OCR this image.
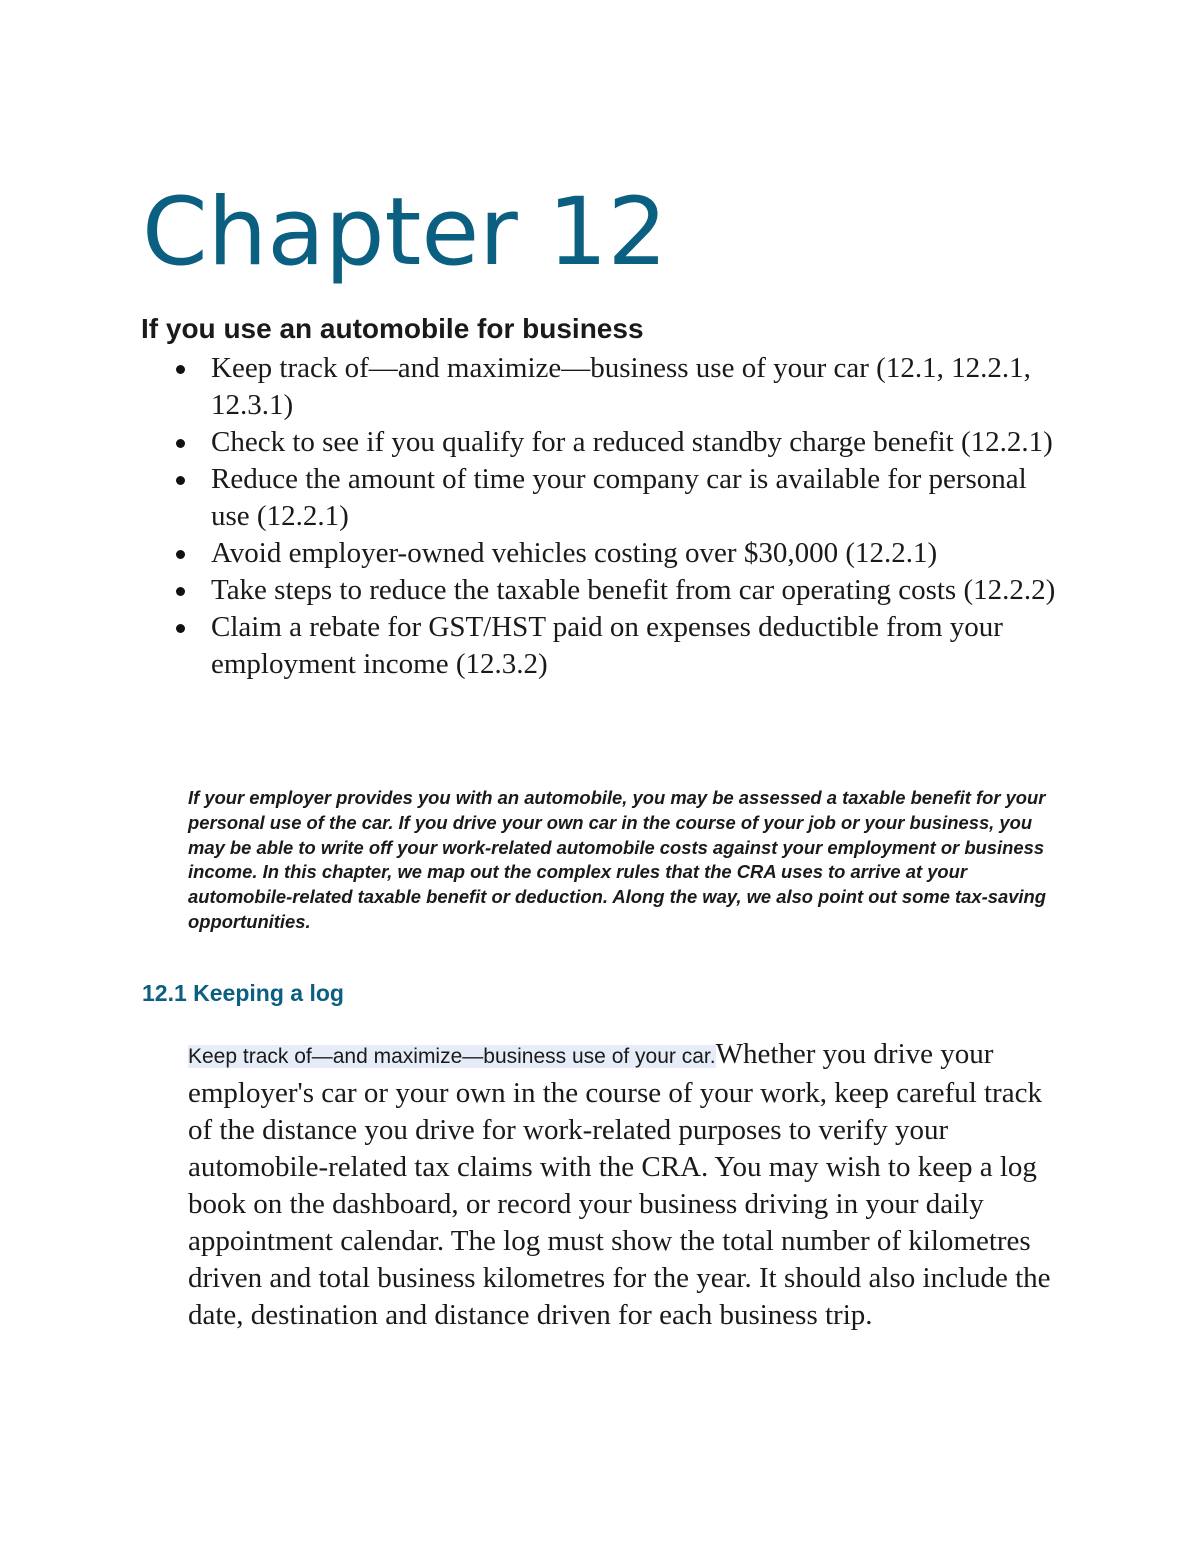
Chapter 12
If you use an automobile for business
Keep track of—and maximize—business use of your car (12.1, 12.2.1, 12.3.1)
Check to see if you qualify for a reduced standby charge benefit (12.2.1)
Reduce the amount of time your company car is available for personal use (12.2.1)
Avoid employer-owned vehicles costing over $30,000 (12.2.1)
Take steps to reduce the taxable benefit from car operating costs (12.2.2)
Claim a rebate for GST/HST paid on expenses deductible from your employment income (12.3.2)

If your employer provides you with an automobile, you may be assessed a taxable benefit for your personal use of the car. If you drive your own car in the course of your job or your business, you may be able to write off your work-related automobile costs against your employment or business income. In this chapter, we map out the complex rules that the CRA uses to arrive at your automobile-related taxable benefit or deduction. Along the way, we also point out some tax-saving opportunities.

12.1 Keeping a log

Keep track of—and maximize—business use of your car.Whether you drive your employer's car or your own in the course of your work, keep careful track of the distance you drive for work-related purposes to verify your automobile-related tax claims with the CRA. You may wish to keep a log book on the dashboard, or record your business driving in your daily appointment calendar. The log must show the total number of kilometres driven and total business kilometres for the year. It should also include the date, destination and distance driven for each business trip.
